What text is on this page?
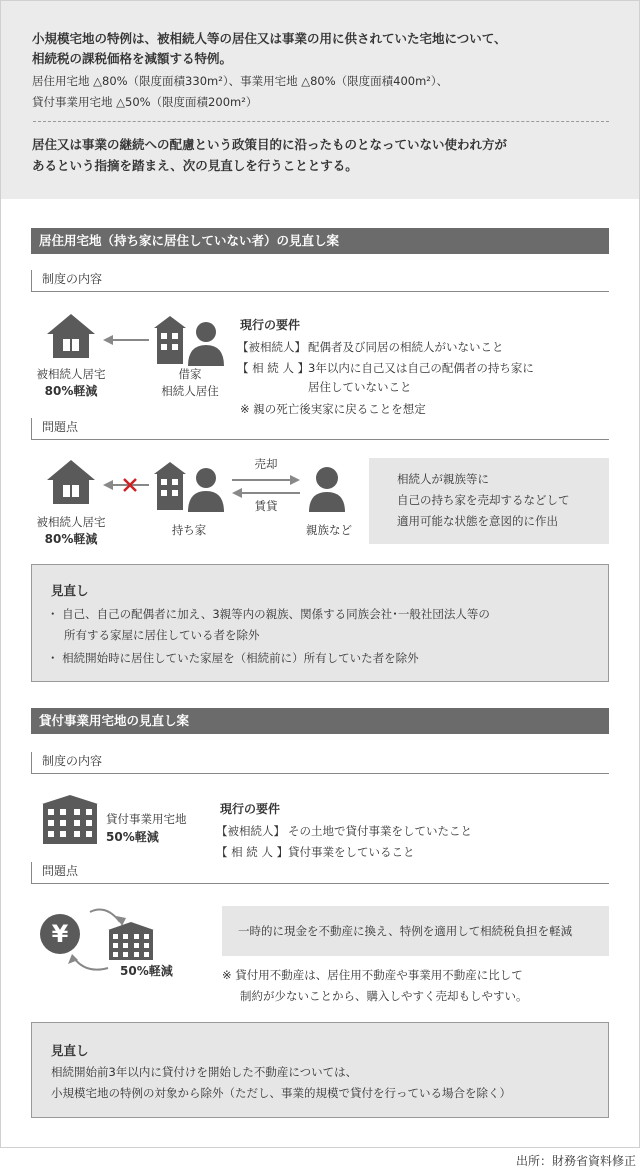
小規模宅地の特例は、被相続人等の居住又は事業の用に供されていた宅地について、
相続税の課税価格を減額する特例。
居住用宅地 △80%（限度面積330m²）、事業用宅地 △80%（限度面積400m²）、
貸付事業用宅地 △50%（限度面積200m²）
居住又は事業の継続への配慮という政策目的に沿ったものとなっていない使われ方が
あるという指摘を踏まえ、次の見直しを行うこととする。
居住用宅地（持ち家に居住していない者）の見直し案
制度の内容
被相続人居宅
80%軽減
借家
相続人居住
現行の要件
【被相続人】 配偶者及び同居の相続人がいないこと
【 相 続 人 】
3年以内に自己又は自己の配偶者の持ち家に
居住していないこと
※ 親の死亡後実家に戻ることを想定
問題点
被相続人居宅
80%軽減
持ち家
売却
賃貸
親族など
相続人が親族等に
自己の持ち家を売却するなどして
適用可能な状態を意図的に作出
見直し
・ 自己、自己の配偶者に加え、3親等内の親族、関係する同族会社･一般社団法人等の
所有する家屋に居住している者を除外
・ 相続開始時に居住していた家屋を（相続前に）所有していた者を除外
貸付事業用宅地の見直し案
制度の内容
貸付事業用宅地
50%軽減
現行の要件
【被相続人】 その土地で貸付事業をしていたこと
【 相 続 人 】 貸付事業をしていること
問題点
¥
50%軽減
一時的に現金を不動産に換え、特例を適用して相続税負担を軽減
※ 貸付用不動産は、居住用不動産や事業用不動産に比して
制約が少ないことから、購入しやすく売却もしやすい。
見直し
相続開始前3年以内に貸付けを開始した不動産については、
小規模宅地の特例の対象から除外（ただし、事業的規模で貸付を行っている場合を除く）
出所：財務省資料修正
